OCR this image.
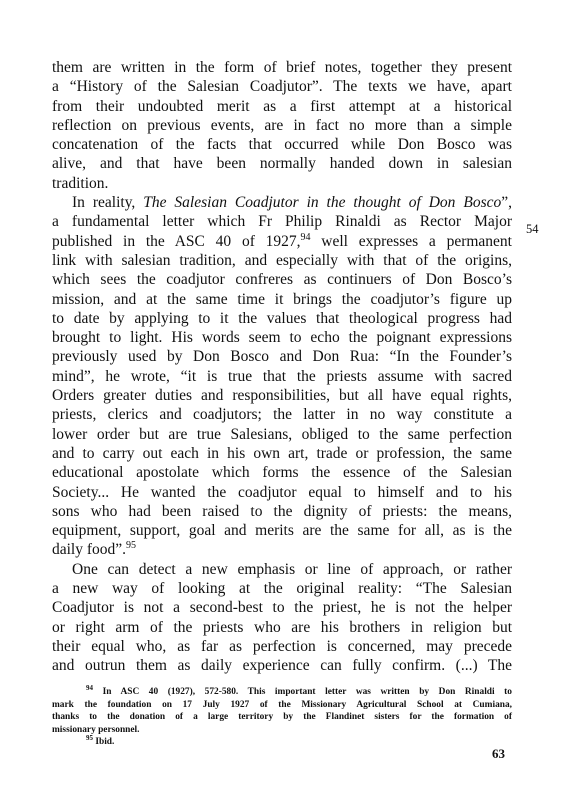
them are written in the form of brief notes, together they present
a “History of the Salesian Coadjutor”. The texts we have, apart
from their undoubted merit as a first attempt at a historical
reflection on previous events, are in fact no more than a simple
concatenation of the facts that occurred while Don Bosco was
alive, and that have been normally handed down in salesian
tradition.
In reality, The Salesian Coadjutor in the thought of Don Bosco”,
a fundamental letter which Fr Philip Rinaldi as Rector Major
published in the ASC 40 of 1927,94 well expresses a permanent
link with salesian tradition, and especially with that of the origins,
which sees the coadjutor confreres as continuers of Don Bosco’s
mission, and at the same time it brings the coadjutor’s figure up
to date by applying to it the values that theological progress had
brought to light. His words seem to echo the poignant expressions
previously used by Don Bosco and Don Rua: “In the Founder’s
mind”, he wrote, “it is true that the priests assume with sacred
Orders greater duties and responsibilities, but all have equal rights,
priests, clerics and coadjutors; the latter in no way constitute a
lower order but are true Salesians, obliged to the same perfection
and to carry out each in his own art, trade or profession, the same
educational apostolate which forms the essence of the Salesian
Society... He wanted the coadjutor equal to himself and to his
sons who had been raised to the dignity of priests: the means,
equipment, support, goal and merits are the same for all, as is the
daily food”.$^{95}$
One can detect a new emphasis or line of approach, or rather
a new way of looking at the original reality: “The Salesian
Coadjutor is not a second-best to the priest, he is not the helper
or right arm of the priests who are his brothers in religion but
their equal who, as far as perfection is concerned, may precede
and outrun them as daily experience can fully confirm. (...) The
54
$^{94}$ In ASC 40 (1927), 572-580. This important letter was written by Don Rinaldi to
mark the foundation on 17 July 1927 of the Missionary Agricultural School at Cumiana,
thanks to the donation of a large territory by the Flandinet sisters for the formation of
missionary personnel.
$^{95}$ Ibid.
63
